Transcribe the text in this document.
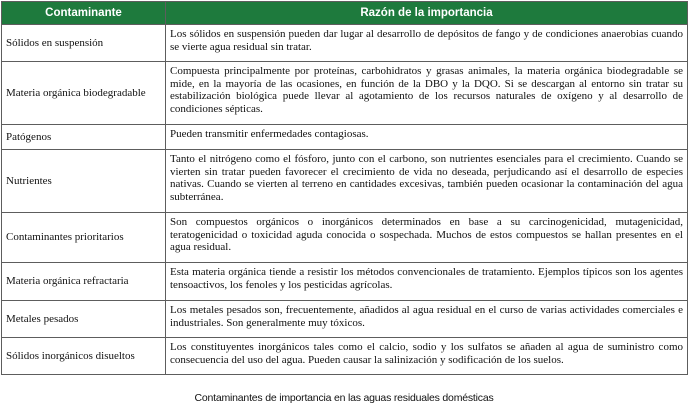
Contaminante	Razón de la importancia
Sólidos en suspensión	Los sólidos en suspensión pueden dar lugar al desarrollo de depósitos de fango y de condiciones anaerobias cuando se vierte agua residual sin tratar.
Materia orgánica biodegradable	Compuesta principalmente por proteínas, carbohidratos y grasas animales, la materia orgánica biodegradable se mide, en la mayoría de las ocasiones, en función de la DBO y la DQO. Si se descargan al entorno sin tratar su estabilización biológica puede llevar al agotamiento de los recursos naturales de oxígeno y al desarrollo de condiciones sépticas.
Patógenos	Pueden transmitir enfermedades contagiosas.
Nutrientes	Tanto el nitrógeno como el fósforo, junto con el carbono, son nutrientes esenciales para el crecimiento. Cuando se vierten sin tratar pueden favorecer el crecimiento de vida no deseada, perjudicando así el desarrollo de especies nativas. Cuando se vierten al terreno en cantidades excesivas, también pueden ocasionar la contaminación del agua subterránea.
Contaminantes prioritarios	Son compuestos orgánicos o inorgánicos determinados en base a su carcinogenicidad, mutagenicidad, teratogenicidad o toxicidad aguda conocida o sospechada. Muchos de estos compuestos se hallan presentes en el agua residual.
Materia orgánica refractaria	Esta materia orgánica tiende a resistir los métodos convencionales de tratamiento. Ejemplos típicos son los agentes tensoactivos, los fenoles y los pesticidas agrícolas.
Metales pesados	Los metales pesados son, frecuentemente, añadidos al agua residual en el curso de varias actividades comerciales e industriales. Son generalmente muy tóxicos.
Sólidos inorgánicos disueltos	Los constituyentes inorgánicos tales como el calcio, sodio y los sulfatos se añaden al agua de suministro como consecuencia del uso del agua. Pueden causar la salinización y sodificación de los suelos.
Contaminantes de importancia en las aguas residuales domésticas
